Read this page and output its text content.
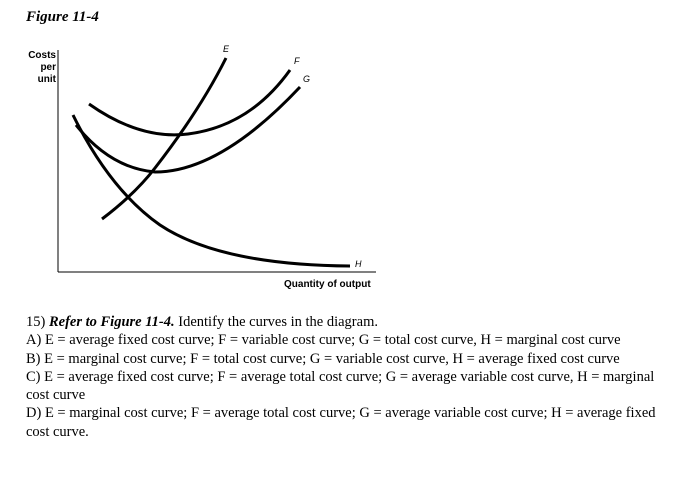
Figure 11-4
Costs
per
unit
E
F
G
H
Quantity of output

15) Refer to Figure 11-4. Identify the curves in the diagram.

A) E = average fixed cost curve; F = variable cost curve; G = total cost curve, H = marginal cost curve

B) E = marginal cost curve; F = total cost curve; G = variable cost curve, H = average fixed cost curve

C) E = average fixed cost curve; F = average total cost curve; G = average variable cost curve, H = marginal cost curve

D) E = marginal cost curve; F = average total cost curve; G = average variable cost curve; H = average fixed cost curve.
